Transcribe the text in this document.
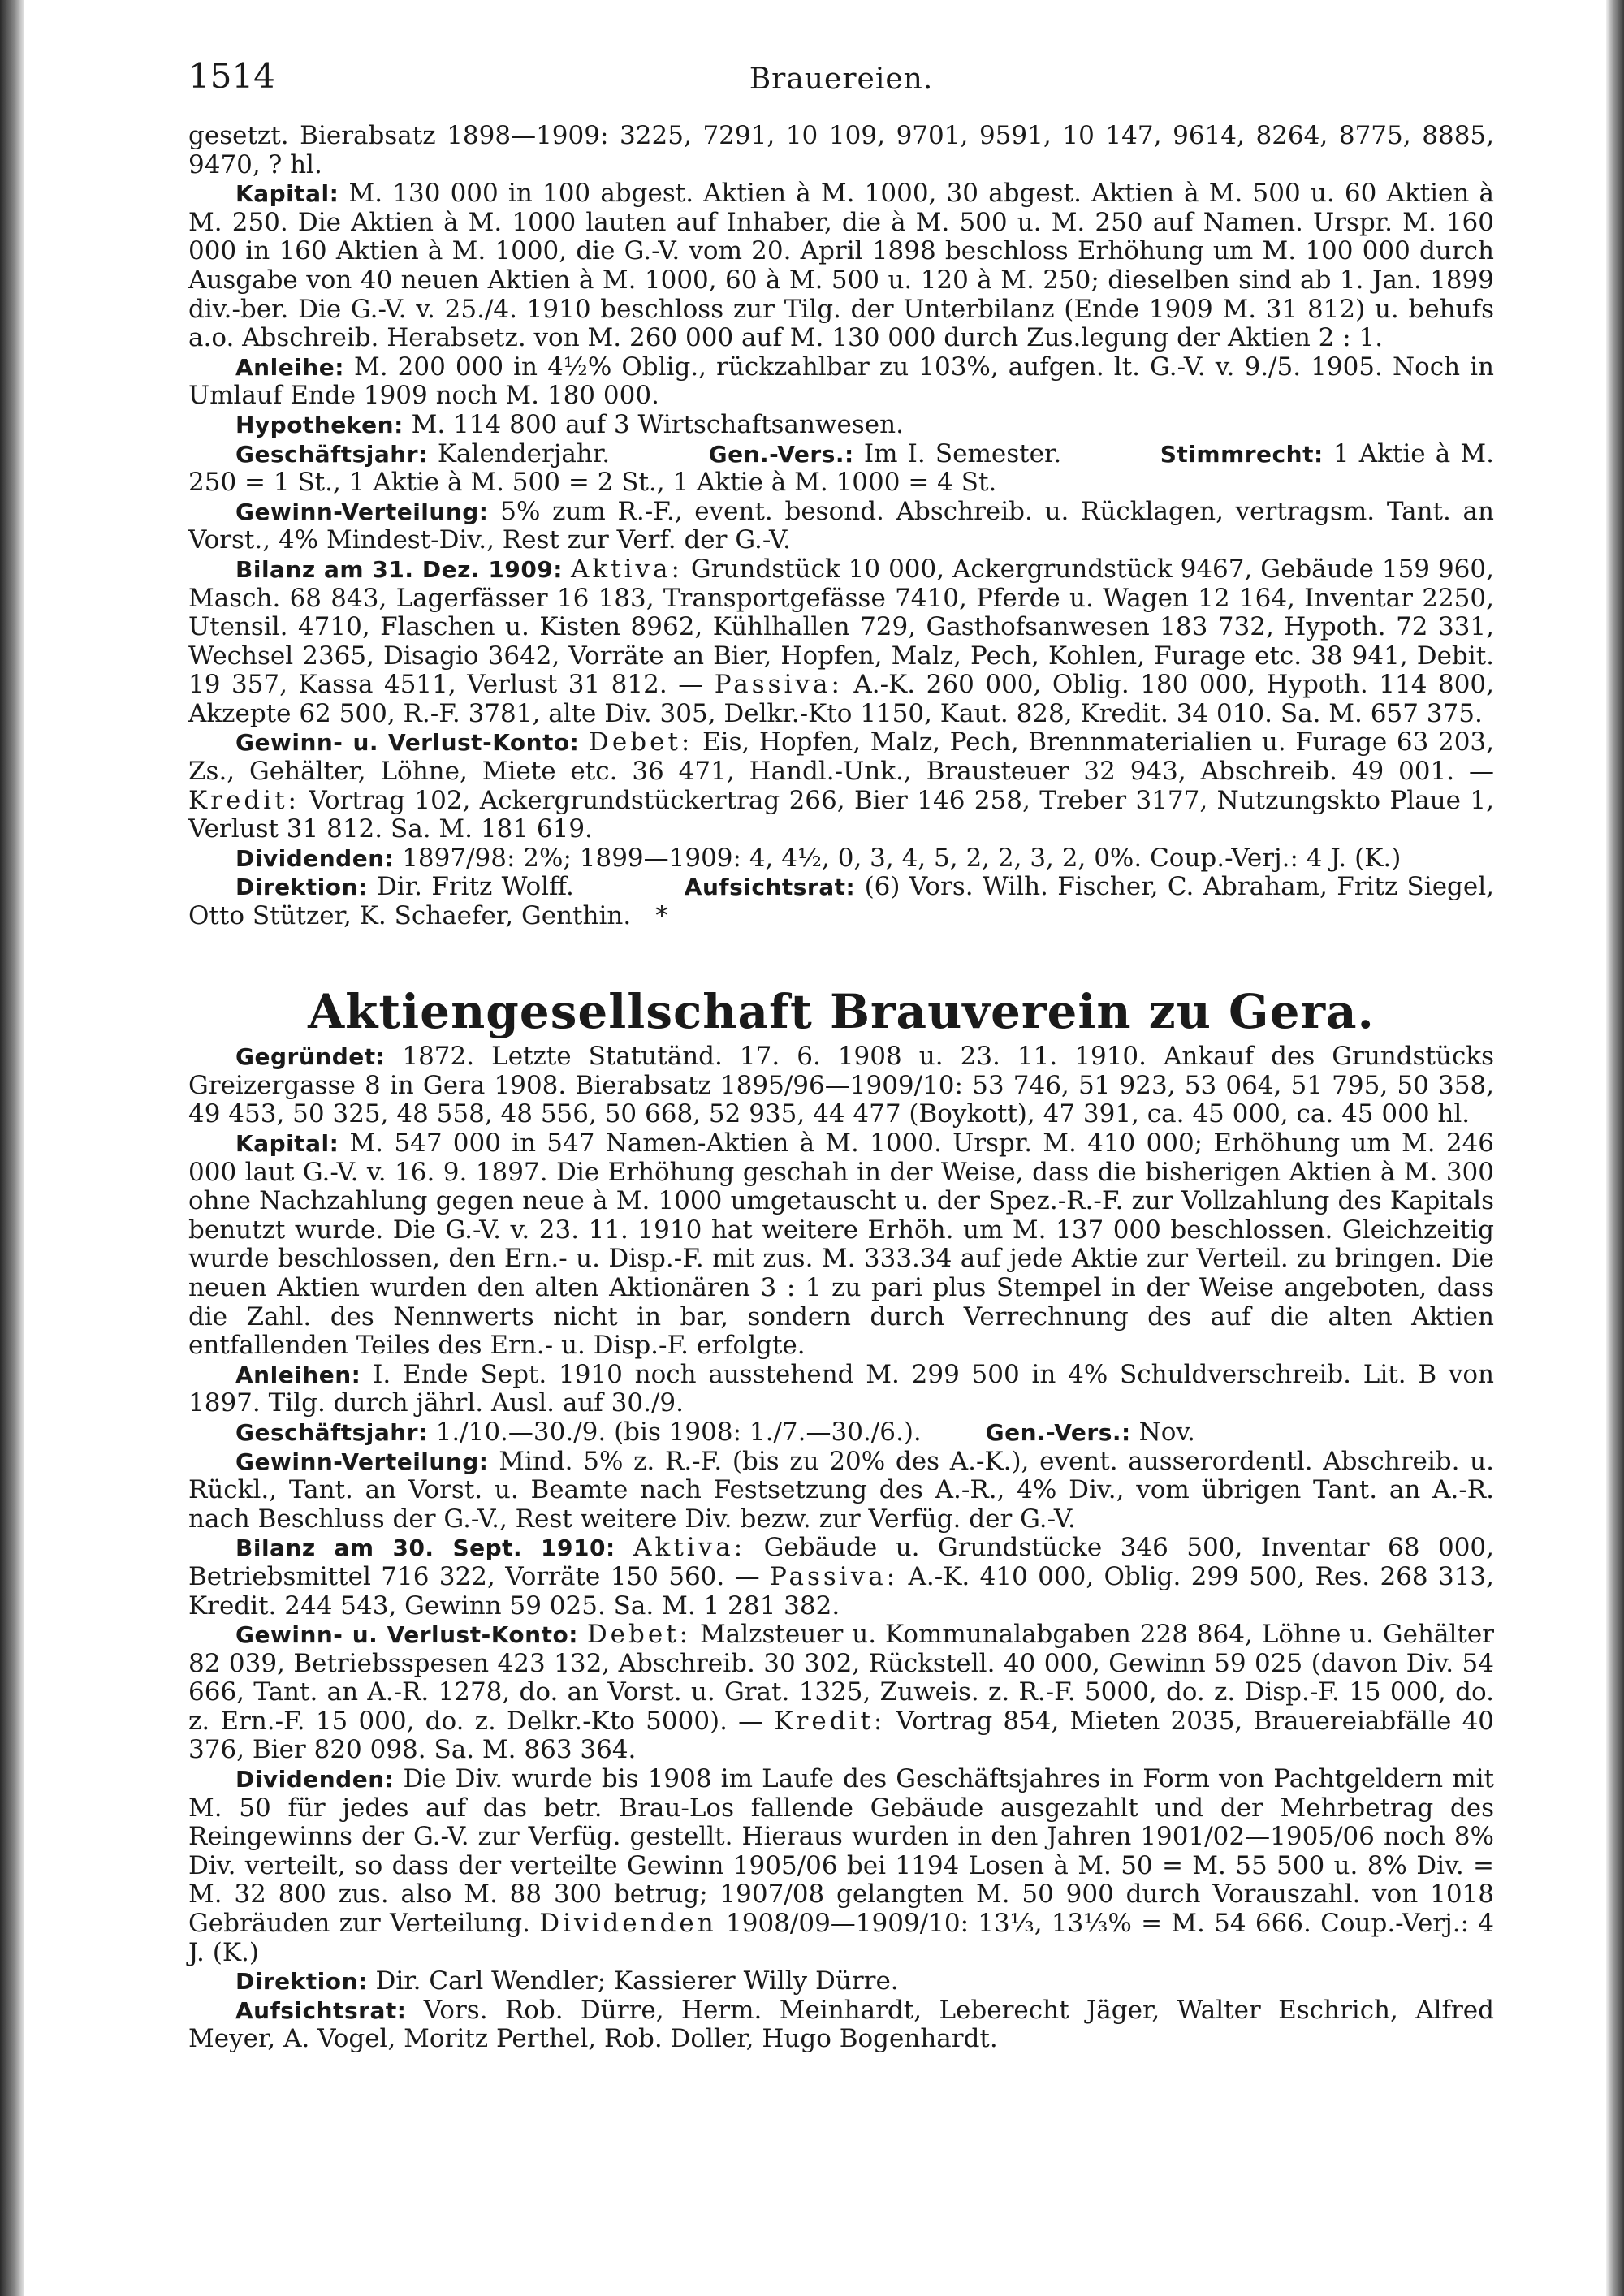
1514	Brauereien.

gesetzt. Bierabsatz 1898—1909: 3225, 7291, 10 109, 9701, 9591, 10 147, 9614, 8264, 8775, 8885, 9470, ? hl.

Kapital: M. 130 000 in 100 abgest. Aktien à M. 1000, 30 abgest. Aktien à M. 500 u. 60 Aktien à M. 250. Die Aktien à M. 1000 lauten auf Inhaber, die à M. 500 u. M. 250 auf Namen. Urspr. M. 160 000 in 160 Aktien à M. 1000, die G.-V. vom 20. April 1898 beschloss Erhöhung um M. 100 000 durch Ausgabe von 40 neuen Aktien à M. 1000, 60 à M. 500 u. 120 à M. 250; dieselben sind ab 1. Jan. 1899 div.-ber. Die G.-V. v. 25./4. 1910 beschloss zur Tilg. der Unterbilanz (Ende 1909 M. 31 812) u. behufs a.o. Abschreib. Herabsetz. von M. 260 000 auf M. 130 000 durch Zus.legung der Aktien 2 : 1.

Anleihe: M. 200 000 in 4½% Oblig., rückzahlbar zu 103%, aufgen. lt. G.-V. v. 9./5. 1905. Noch in Umlauf Ende 1909 noch M. 180 000.

Hypotheken: M. 114 800 auf 3 Wirtschaftsanwesen.

Geschäftsjahr: Kalenderjahr.	Gen.-Vers.: Im I. Semester.	Stimmrecht: 1 Aktie à M. 250 = 1 St., 1 Aktie à M. 500 = 2 St., 1 Aktie à M. 1000 = 4 St.

Gewinn-Verteilung: 5% zum R.-F., event. besond. Abschreib. u. Rücklagen, vertragsm. Tant. an Vorst., 4% Mindest-Div., Rest zur Verf. der G.-V.

Bilanz am 31. Dez. 1909: Aktiva: Grundstück 10 000, Ackergrundstück 9467, Gebäude 159 960, Masch. 68 843, Lagerfässer 16 183, Transportgefässe 7410, Pferde u. Wagen 12 164, Inventar 2250, Utensil. 4710, Flaschen u. Kisten 8962, Kühlhallen 729, Gasthofsanwesen 183 732, Hypoth. 72 331, Wechsel 2365, Disagio 3642, Vorräte an Bier, Hopfen, Malz, Pech, Kohlen, Furage etc. 38 941, Debit. 19 357, Kassa 4511, Verlust 31 812. — Passiva: A.-K. 260 000, Oblig. 180 000, Hypoth. 114 800, Akzepte 62 500, R.-F. 3781, alte Div. 305, Delkr.-Kto 1150, Kaut. 828, Kredit. 34 010. Sa. M. 657 375.

Gewinn- u. Verlust-Konto: Debet: Eis, Hopfen, Malz, Pech, Brennmaterialien u. Furage 63 203, Zs., Gehälter, Löhne, Miete etc. 36 471, Handl.-Unk., Brausteuer 32 943, Abschreib. 49 001. — Kredit: Vortrag 102, Ackergrundstückertrag 266, Bier 146 258, Treber 3177, Nutzungskto Plaue 1, Verlust 31 812. Sa. M. 181 619.

Dividenden: 1897/98: 2%; 1899—1909: 4, 4½, 0, 3, 4, 5, 2, 2, 3, 2, 0%. Coup.-Verj.: 4 J. (K.)

Direktion: Dir. Fritz Wolff.	Aufsichtsrat: (6) Vors. Wilh. Fischer, C. Abraham, Fritz Siegel, Otto Stützer, K. Schaefer, Genthin. *

Aktiengesellschaft Brauverein zu Gera.

Gegründet: 1872. Letzte Statutänd. 17. 6. 1908 u. 23. 11. 1910. Ankauf des Grundstücks Greizergasse 8 in Gera 1908. Bierabsatz 1895/96—1909/10: 53 746, 51 923, 53 064, 51 795, 50 358, 49 453, 50 325, 48 558, 48 556, 50 668, 52 935, 44 477 (Boykott), 47 391, ca. 45 000, ca. 45 000 hl.

Kapital: M. 547 000 in 547 Namen-Aktien à M. 1000. Urspr. M. 410 000; Erhöhung um M. 246 000 laut G.-V. v. 16. 9. 1897. Die Erhöhung geschah in der Weise, dass die bisherigen Aktien à M. 300 ohne Nachzahlung gegen neue à M. 1000 umgetauscht u. der Spez.-R.-F. zur Vollzahlung des Kapitals benutzt wurde. Die G.-V. v. 23. 11. 1910 hat weitere Erhöh. um M. 137 000 beschlossen. Gleichzeitig wurde beschlossen, den Ern.- u. Disp.-F. mit zus. M. 333.34 auf jede Aktie zur Verteil. zu bringen. Die neuen Aktien wurden den alten Aktionären 3 : 1 zu pari plus Stempel in der Weise angeboten, dass die Zahl. des Nennwerts nicht in bar, sondern durch Verrechnung des auf die alten Aktien entfallenden Teiles des Ern.- u. Disp.-F. erfolgte.

Anleihen: I. Ende Sept. 1910 noch ausstehend M. 299 500 in 4% Schuldverschreib. Lit. B von 1897. Tilg. durch jährl. Ausl. auf 30./9.

Geschäftsjahr: 1./10.—30./9. (bis 1908: 1./7.—30./6.).	Gen.-Vers.: Nov.

Gewinn-Verteilung: Mind. 5% z. R.-F. (bis zu 20% des A.-K.), event. ausserordentl. Abschreib. u. Rückl., Tant. an Vorst. u. Beamte nach Festsetzung des A.-R., 4% Div., vom übrigen Tant. an A.-R. nach Beschluss der G.-V., Rest weitere Div. bezw. zur Verfüg. der G.-V.

Bilanz am 30. Sept. 1910: Aktiva: Gebäude u. Grundstücke 346 500, Inventar 68 000, Betriebsmittel 716 322, Vorräte 150 560. — Passiva: A.-K. 410 000, Oblig. 299 500, Res. 268 313, Kredit. 244 543, Gewinn 59 025. Sa. M. 1 281 382.

Gewinn- u. Verlust-Konto: Debet: Malzsteuer u. Kommunalabgaben 228 864, Löhne u. Gehälter 82 039, Betriebsspesen 423 132, Abschreib. 30 302, Rückstell. 40 000, Gewinn 59 025 (davon Div. 54 666, Tant. an A.-R. 1278, do. an Vorst. u. Grat. 1325, Zuweis. z. R.-F. 5000, do. z. Disp.-F. 15 000, do. z. Ern.-F. 15 000, do. z. Delkr.-Kto 5000). — Kredit: Vortrag 854, Mieten 2035, Brauereiabfälle 40 376, Bier 820 098. Sa. M. 863 364.

Dividenden: Die Div. wurde bis 1908 im Laufe des Geschäftsjahres in Form von Pachtgeldern mit M. 50 für jedes auf das betr. Brau-Los fallende Gebäude ausgezahlt und der Mehrbetrag des Reingewinns der G.-V. zur Verfüg. gestellt. Hieraus wurden in den Jahren 1901/02—1905/06 noch 8% Div. verteilt, so dass der verteilte Gewinn 1905/06 bei 1194 Losen à M. 50 = M. 55 500 u. 8% Div. = M. 32 800 zus. also M. 88 300 betrug; 1907/08 gelangten M. 50 900 durch Vorauszahl. von 1018 Gebräuden zur Verteilung. Dividenden 1908/09—1909/10: 13⅓, 13⅓% = M. 54 666. Coup.-Verj.: 4 J. (K.)

Direktion: Dir. Carl Wendler; Kassierer Willy Dürre.

Aufsichtsrat: Vors. Rob. Dürre, Herm. Meinhardt, Leberecht Jäger, Walter Eschrich, Alfred Meyer, A. Vogel, Moritz Perthel, Rob. Doller, Hugo Bogenhardt.
